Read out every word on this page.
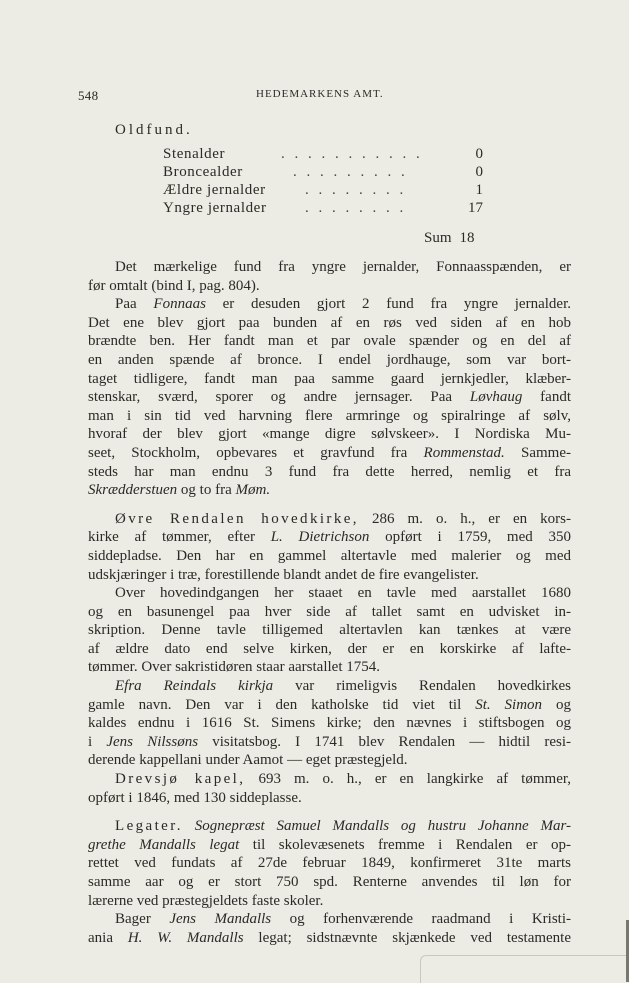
548	HEDEMARKENS AMT.
Oldfund.
Stenalder	. . . . . . . . . . .	0
Broncealder	. . . . . . . . .	0
Ældre jernalder	. . . . . . . .	1
Yngre jernalder	. . . . . . . .	17
Sum 18

Det mærkelige fund fra yngre jernalder, Fonnaasspænden, er
før omtalt (bind I, pag. 804).

Paa Fonnaas er desuden gjort 2 fund fra yngre jernalder.
Det ene blev gjort paa bunden af en røs ved siden af en hob
brændte ben. Her fandt man et par ovale spænder og en del af
en anden spænde af bronce. I endel jordhauge, som var bort-
taget tidligere, fandt man paa samme gaard jernkjedler, klæber-
stenskar, sværd, sporer og andre jernsager. Paa Løvhaug fandt
man i sin tid ved harvning flere armringe og spiralringe af sølv,
hvoraf der blev gjort «mange digre sølvskeer». I Nordiska Mu-
seet, Stockholm, opbevares et gravfund fra Rommenstad. Samme-
steds har man endnu 3 fund fra dette herred, nemlig et fra
Skrædderstuen og to fra Møm.

Øvre Rendalen hovedkirke, 286 m. o. h., er en kors-
kirke af tømmer, efter L. Dietrichson opført i 1759, med 350
siddepladse. Den har en gammel altertavle med malerier og med
udskjæringer i træ, forestillende blandt andet de fire evangelister.

Over hovedindgangen her staaet en tavle med aarstallet 1680
og en basunengel paa hver side af tallet samt en udvisket in-
skription. Denne tavle tilligemed altertavlen kan tænkes at være
af ældre dato end selve kirken, der er en korskirke af lafte-
tømmer. Over sakristidøren staar aarstallet 1754.

Efra Reindals kirkja var rimeligvis Rendalen hovedkirkes
gamle navn. Den var i den katholske tid viet til St. Simon og
kaldes endnu i 1616 St. Simens kirke; den nævnes i stiftsbogen og
i Jens Nilssøns visitatsbog. I 1741 blev Rendalen — hidtil resi-
derende kappellani under Aamot — eget præstegjeld.

Drevsjø kapel, 693 m. o. h., er en langkirke af tømmer,
opført i 1846, med 130 siddeplasse.

Legater. Sognepræst Samuel Mandalls og hustru Johanne Mar-
grethe Mandalls legat til skolevæsenets fremme i Rendalen er op-
rettet ved fundats af 27de februar 1849, konfirmeret 31te marts
samme aar og er stort 750 spd. Renterne anvendes til løn for
lærerne ved præstegjeldets faste skoler.

Bager Jens Mandalls og forhenværende raadmand i Kristi-
ania H. W. Mandalls legat; sidstnævnte skjænkede ved testamente
